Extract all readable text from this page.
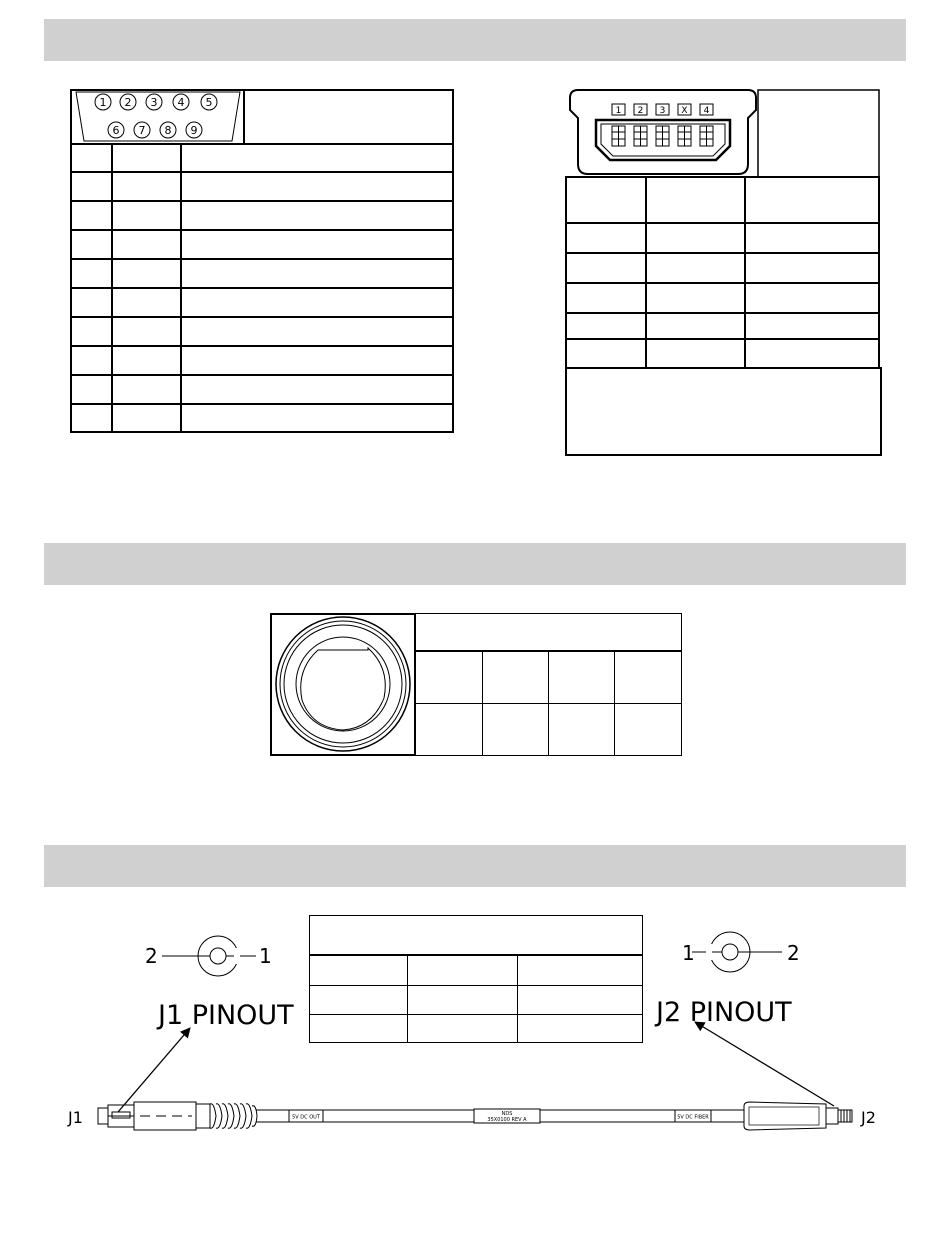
1 2 3 4 5
6 7 8 9

1 2 3 X 4

2	1
J1 PINOUT
1	2
J2 PINOUT
J1	J2
5V DC OUT
NDS
35X0100 REV A	5V DC FIBER
